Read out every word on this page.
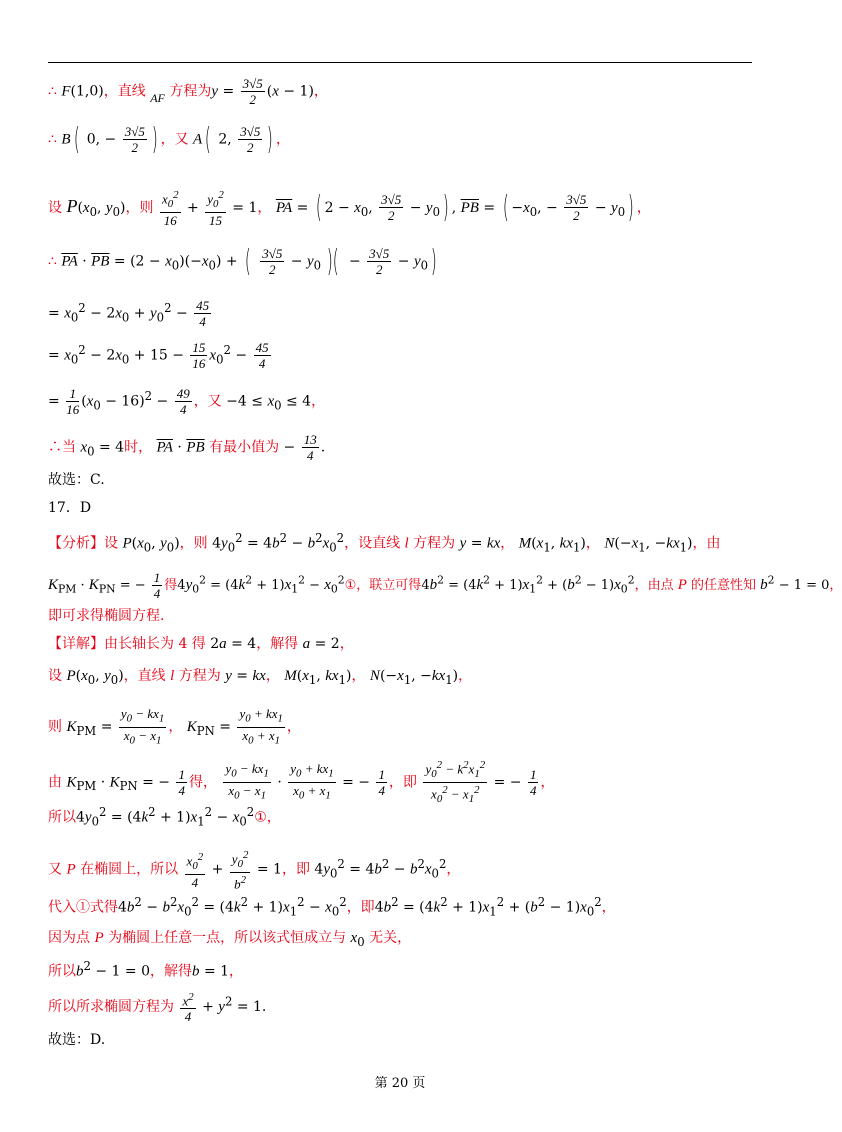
∴ F(1,0)，直线 AF 方程为$y = \frac{3√5}{2} (x - 1)$，
∴ B( 0, − $\frac{3√5}{2}$ ) ，又 A( 2, $\frac{3√5}{2}$ ) ，
设 $P(x_0$, $y_0$)，则 $\frac{x_0^2}{16} + \frac{y_0^2}{15} = 1$， $\overline{PA}$ = ( $2 - x_0$, $\frac{3√5}{2} - y_0$) , $\overline{PB}$ = ( $-x_0$, − $\frac{3√5}{2} - y_0$) ，
∴ $\overline{PA} \cdot \overline{PB} = (2 - x_0)(-x_0)$ + ( $\frac{3√5}{2} - y_0$ )( − $\frac{3√5}{2} - y_0$)
= $x_0^2 - 2x_0 + y_0^2 - \frac{45}{4}$
= $x_0^2 - 2x_0 + 15 - \frac{15}{16} x_0^2 - \frac{45}{4}$
= $\frac{1}{16} (x_0 - 16)^2 - \frac{49}{4}$ ，又 $-4 \le x_0 \le 4$，
∴当 $x_0 = 4$时， $\overline{PA} \cdot \overline{PB}$ 有最小值为 − $\frac{13}{4}$ .
故选：C.
17．D
【分析】设 $P(x_0$, $y_0$)，则 $4y_0^2 = 4b^2 - b^2x_0^2$，设直线 l 方程为 y = kx， $M(x_1$, $kx_1$)， $N(-x_1$, $-kx_1$)，由
$K_{PM} \cdot K_{PN}$ = − $\frac{1}{4}$ 得$4y_0^2 = (4k^2 + 1)x_1^2$ − $x_0^2①$，联立可得$4b^2 = (4k^2 + 1)x_1^2 + (b^2 - 1)x_0^2$，由点 P 的任意性知 $b^2 - 1 = 0$，
即可求得椭圆方程.
【详解】由长轴长为 4 得 2a = 4，解得 a = 2，
设 $P(x_0$, $y_0$)，直线 l 方程为 y = kx， $M(x_1$, $kx_1$)， $N(-x_1$, $-kx_1$)，
则 $K_{PM} = \frac{y_0 - kx_1}{x_0 - x_1}$ ， $K_{PN} = \frac{y_0 + kx_1}{x_0 + x_1}$ ，
由 $K_{PM} \cdot K_{PN}$ = − $\frac{1}{4}$ 得， $\frac{y_0 - kx_1}{x_0 - x_1} \cdot \frac{y_0 + kx_1}{x_0 + x_1}$ = − $\frac{1}{4}$ ，即 $\frac{y_0^2 - k^2x_1^2}{x_0^2 - x_1^2}$ = − $\frac{1}{4}$ ，
所以$4y_0^2 = (4k^2 + 1)x_1^2$ − $x_0^2①$，
又 P 在椭圆上，所以 $\frac{x_0^2}{4} + \frac{y_0^2}{b^2} = 1$，即 $4y_0^2 = 4b^2 - b^2x_0^2$，
代入①式得$4b^2 - b^2x_0^2 = (4k^2 + 1)x_1^2 - x_0^2$，即$4b^2 = (4k^2 + 1)x_1^2 + (b^2 - 1)x_0^2$，
因为点 P 为椭圆上任意一点，所以该式恒成立与 $x_0$ 无关，
所以$b^2 - 1 = 0$，解得b = 1，
所以所求椭圆方程为 $\frac{x^2}{4} + y^2 = 1$.
故选：D.
第 20 页
